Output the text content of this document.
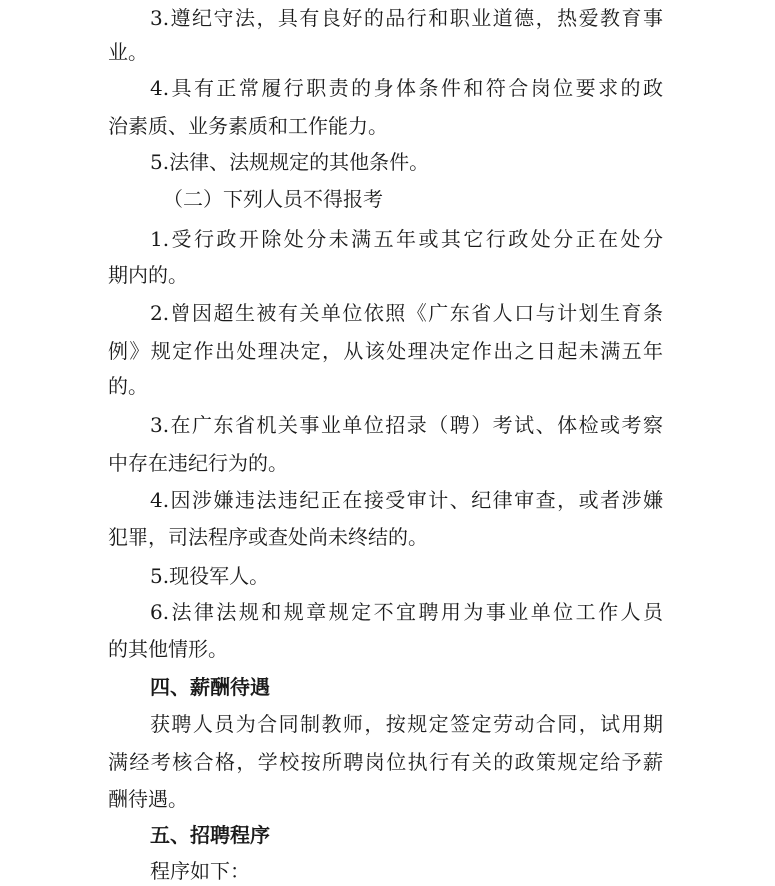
3.遵纪守法，具有良好的品行和职业道德，热爱教育事
业。
4.具有正常履行职责的身体条件和符合岗位要求的政
治素质、业务素质和工作能力。
5.法律、法规规定的其他条件。
（二）下列人员不得报考
1.受行政开除处分未满五年或其它行政处分正在处分
期内的。
2.曾因超生被有关单位依照《广东省人口与计划生育条
例》规定作出处理决定，从该处理决定作出之日起未满五年
的。
3.在广东省机关事业单位招录（聘）考试、体检或考察
中存在违纪行为的。
4.因涉嫌违法违纪正在接受审计、纪律审查，或者涉嫌
犯罪，司法程序或查处尚未终结的。
5.现役军人。
6.法律法规和规章规定不宜聘用为事业单位工作人员
的其他情形。
四、薪酬待遇
获聘人员为合同制教师，按规定签定劳动合同，试用期
满经考核合格，学校按所聘岗位执行有关的政策规定给予薪
酬待遇。
五、招聘程序
程序如下：
